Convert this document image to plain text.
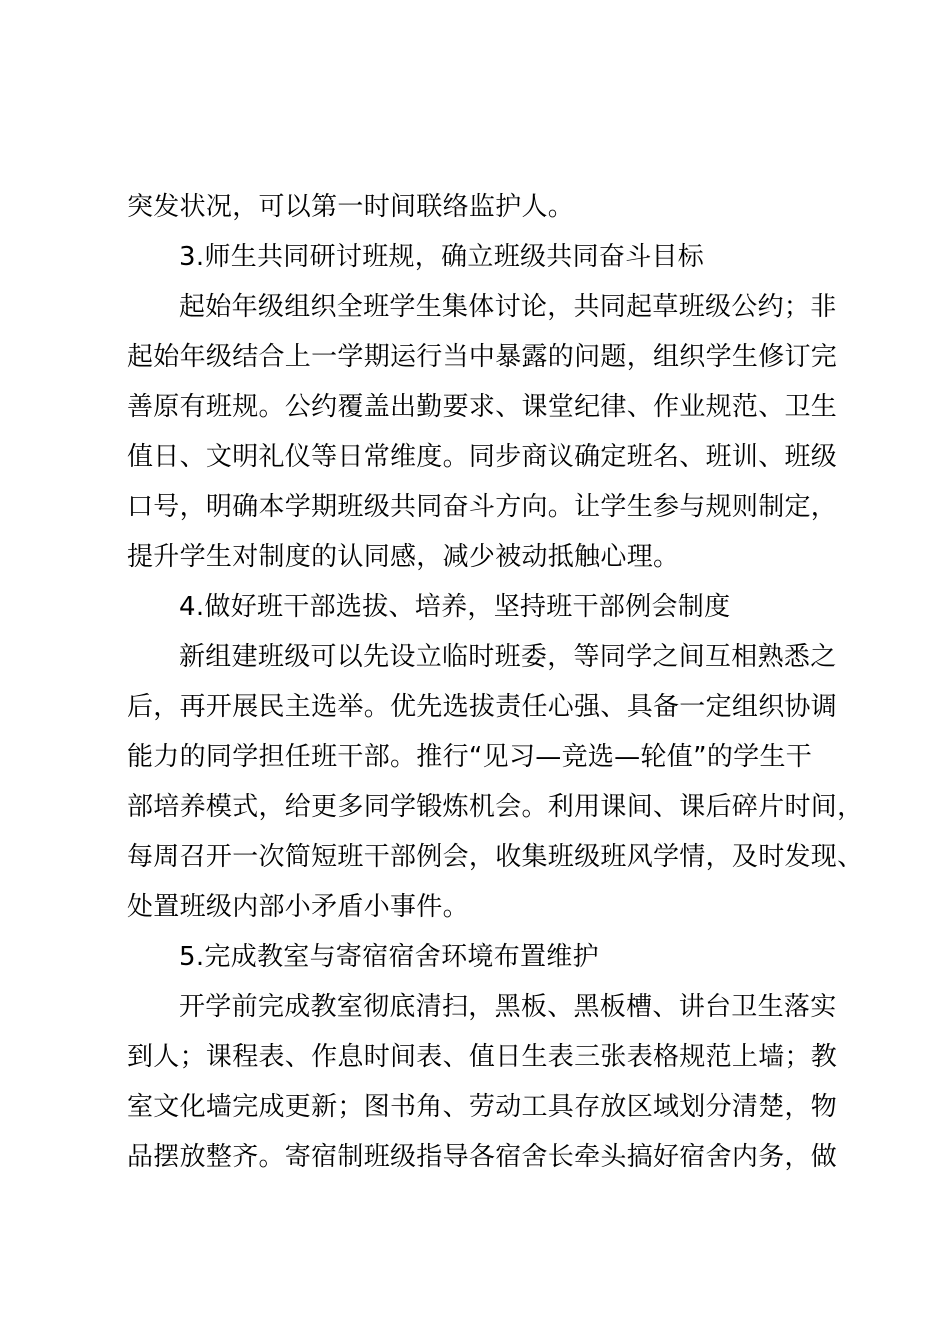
突发状况，可以第一时间联络监护人。
3.师生共同研讨班规，确立班级共同奋斗目标
起始年级组织全班学生集体讨论，共同起草班级公约；非
起始年级结合上一学期运行当中暴露的问题，组织学生修订完
善原有班规。公约覆盖出勤要求、课堂纪律、作业规范、卫生
值日、文明礼仪等日常维度。同步商议确定班名、班训、班级
口号，明确本学期班级共同奋斗方向。让学生参与规则制定，
提升学生对制度的认同感，减少被动抵触心理。
4.做好班干部选拔、培养，坚持班干部例会制度
新组建班级可以先设立临时班委，等同学之间互相熟悉之
后，再开展民主选举。优先选拔责任心强、具备一定组织协调
能力的同学担任班干部。推行“见习—竞选—轮值”的学生干
部培养模式，给更多同学锻炼机会。利用课间、课后碎片时间，
每周召开一次简短班干部例会，收集班级班风学情，及时发现、
处置班级内部小矛盾小事件。
5.完成教室与寄宿宿舍环境布置维护
开学前完成教室彻底清扫，黑板、黑板槽、讲台卫生落实
到人；课程表、作息时间表、值日生表三张表格规范上墙；教
室文化墙完成更新；图书角、劳动工具存放区域划分清楚，物
品摆放整齐。寄宿制班级指导各宿舍长牵头搞好宿舍内务，做
